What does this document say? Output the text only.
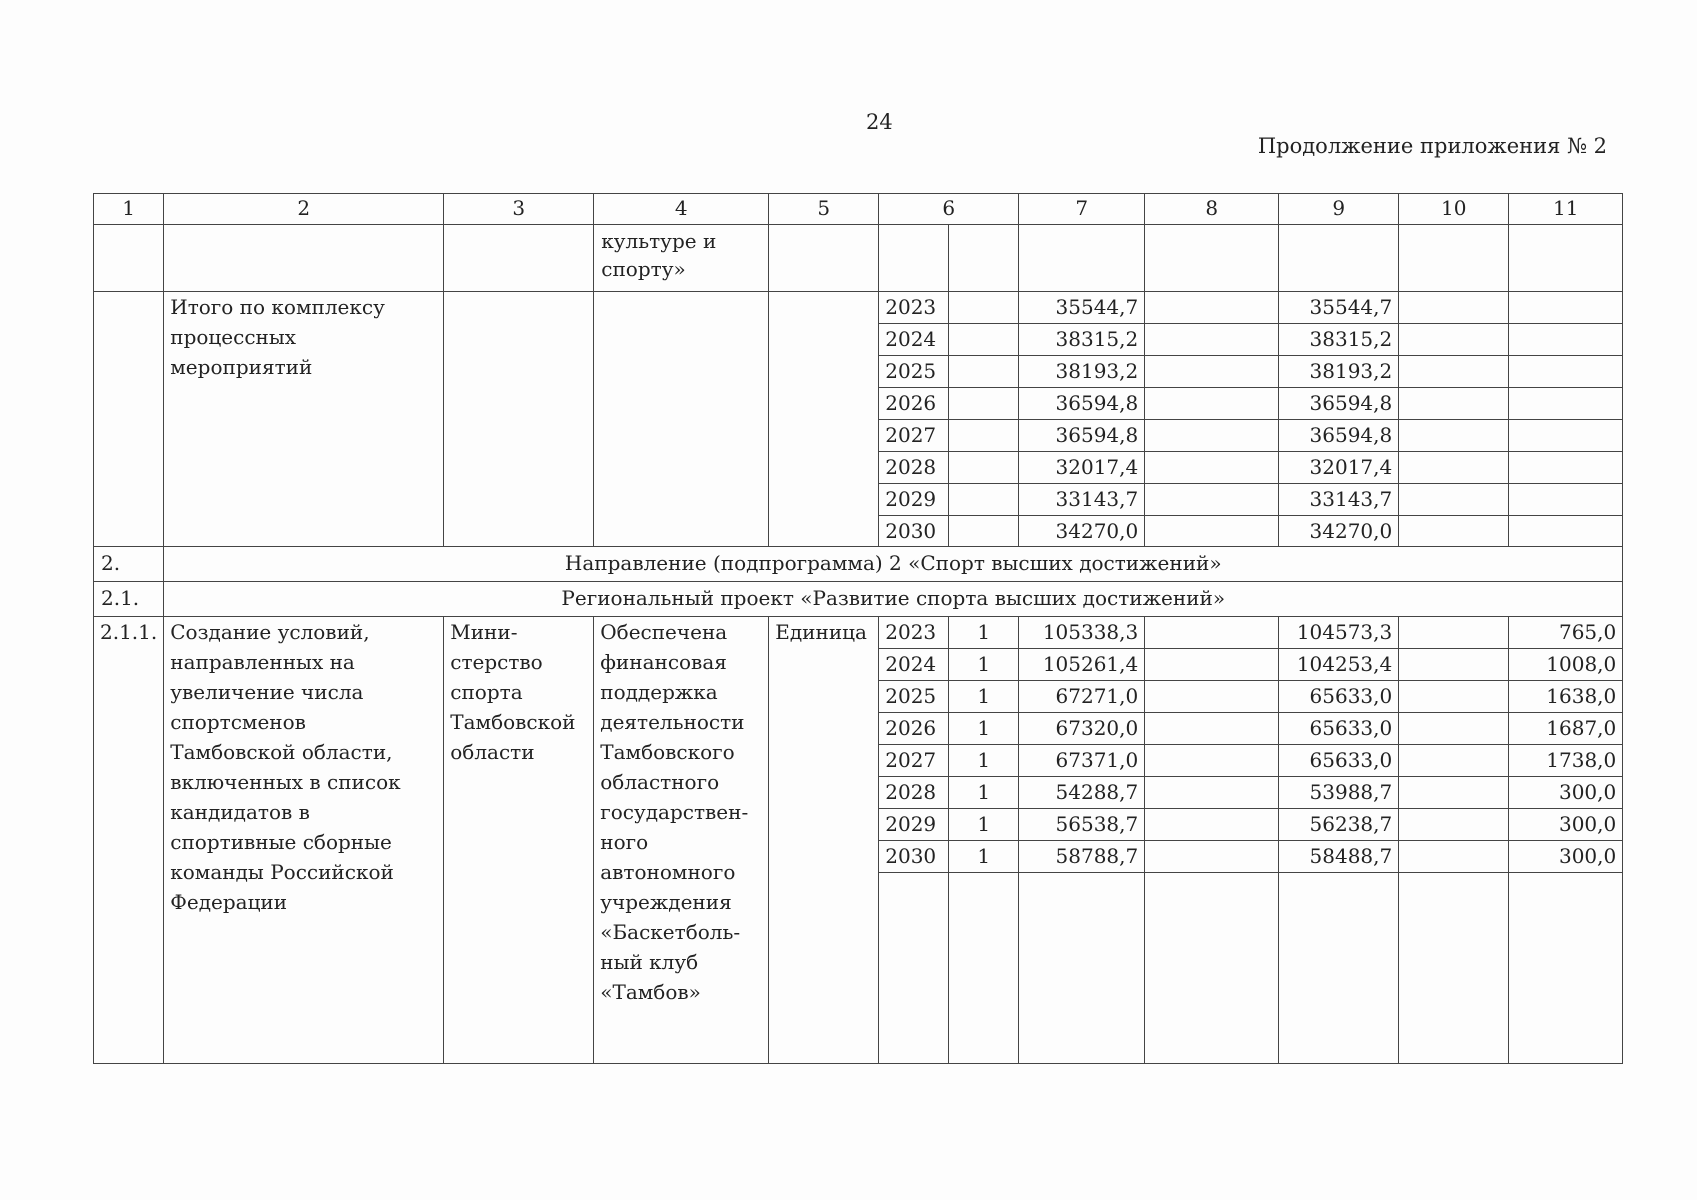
24
Продолжение приложения № 2
1	2	3	4	5	6		7	8	9	10	11
			культуре и спорту»								
	Итого по комплексу процессных мероприятий				2023		35544,7		35544,7		
					2024		38315,2		38315,2		
					2025		38193,2		38193,2		
					2026		36594,8		36594,8		
					2027		36594,8		36594,8		
					2028		32017,4		32017,4		
					2029		33143,7		33143,7		
					2030		34270,0		34270,0		
2.	Направление (подпрограмма) 2 «Спорт высших достижений»										
2.1.	Региональный проект «Развитие спорта высших достижений»										
2.1.1.	Создание условий, направленных на увеличение числа спортсменов Тамбовской области, включенных в список кандидатов в спортивные сборные команды Российской Федерации	Мини-стерство спорта Тамбовской области	Обеспечена финансовая поддержка деятельности Тамбовского областного государствен-ного автономного учреждения «Баскетболь-ный клуб «Тамбов»	Единица	2023	1	105338,3		104573,3		765,0
					2024	1	105261,4		104253,4		1008,0
					2025	1	67271,0		65633,0		1638,0
					2026	1	67320,0		65633,0		1687,0
					2027	1	67371,0		65633,0		1738,0
					2028	1	54288,7		53988,7		300,0
					2029	1	56538,7		56238,7		300,0
					2030	1	58788,7		58488,7		300,0
